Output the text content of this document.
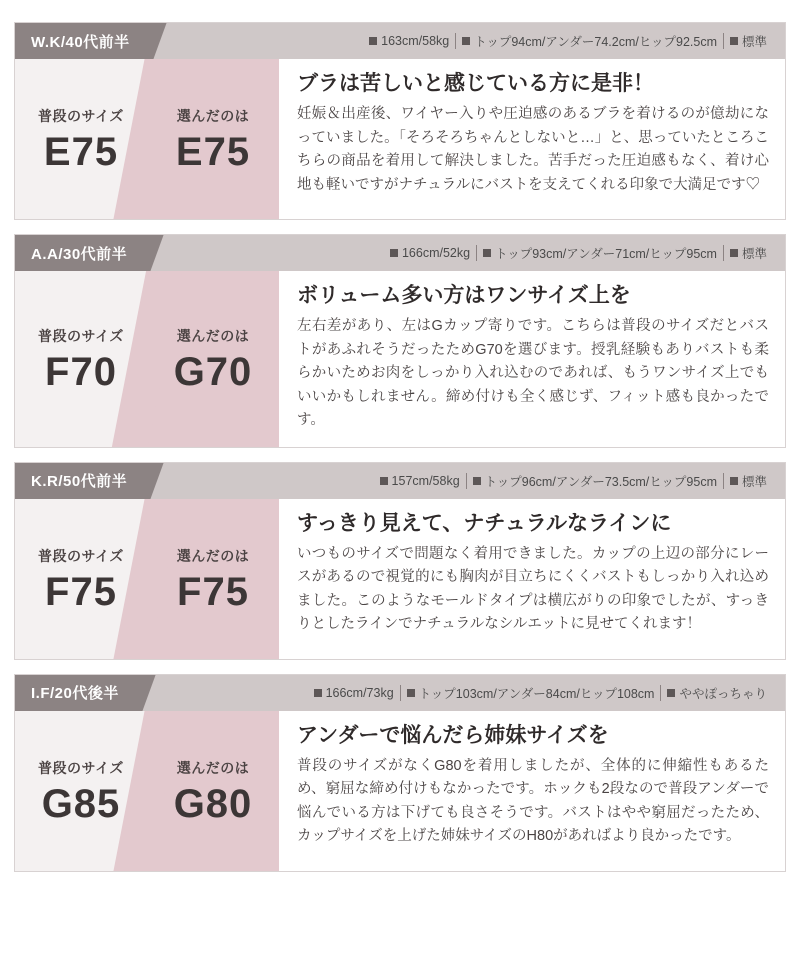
W.K/40代前半	163cm/58kg トップ94cm/アンダー74.2cm/ヒップ92.5cm 標準
普段のサイズ
E75
選んだのは
E75
ブラは苦しいと感じている方に是非！
妊娠＆出産後、ワイヤー入りや圧迫感のあるブラを着けるのが億劫になっていました。「そろそろちゃんとしないと…」と、思っていたところこちらの商品を着用して解決しました。苦手だった圧迫感もなく、着け心地も軽いですがナチュラルにバストを支えてくれる印象で大満足です♡
A.A/30代前半	166cm/52kg トップ93cm/アンダー71cm/ヒップ95cm 標準
普段のサイズ
F70
選んだのは
G70
ボリューム多い方はワンサイズ上を
左右差があり、左はGカップ寄りです。こちらは普段のサイズだとバストがあふれそうだったためG70を選びます。授乳経験もありバストも柔らかいためお肉をしっかり入れ込むのであれば、もうワンサイズ上でもいいかもしれません。締め付けも全く感じず、フィット感も良かったです。
K.R/50代前半	157cm/58kg トップ96cm/アンダー73.5cm/ヒップ95cm 標準
普段のサイズ
F75
選んだのは
F75
すっきり見えて、ナチュラルなラインに
いつものサイズで問題なく着用できました。カップの上辺の部分にレースがあるので視覚的にも胸肉が目立ちにくくバストもしっかり入れ込めました。このようなモールドタイプは横広がりの印象でしたが、すっきりとしたラインでナチュラルなシルエットに見せてくれます！
I.F/20代後半	166cm/73kg トップ103cm/アンダー84cm/ヒップ108cm ややぽっちゃり
普段のサイズ
G85
選んだのは
G80
アンダーで悩んだら姉妹サイズを
普段のサイズがなくG80を着用しましたが、全体的に伸縮性もあるため、窮屈な締め付けもなかったです。ホックも2段なので普段アンダーで悩んでいる方は下げても良さそうです。バストはやや窮屈だったため、カップサイズを上げた姉妹サイズのH80があればより良かったです。
